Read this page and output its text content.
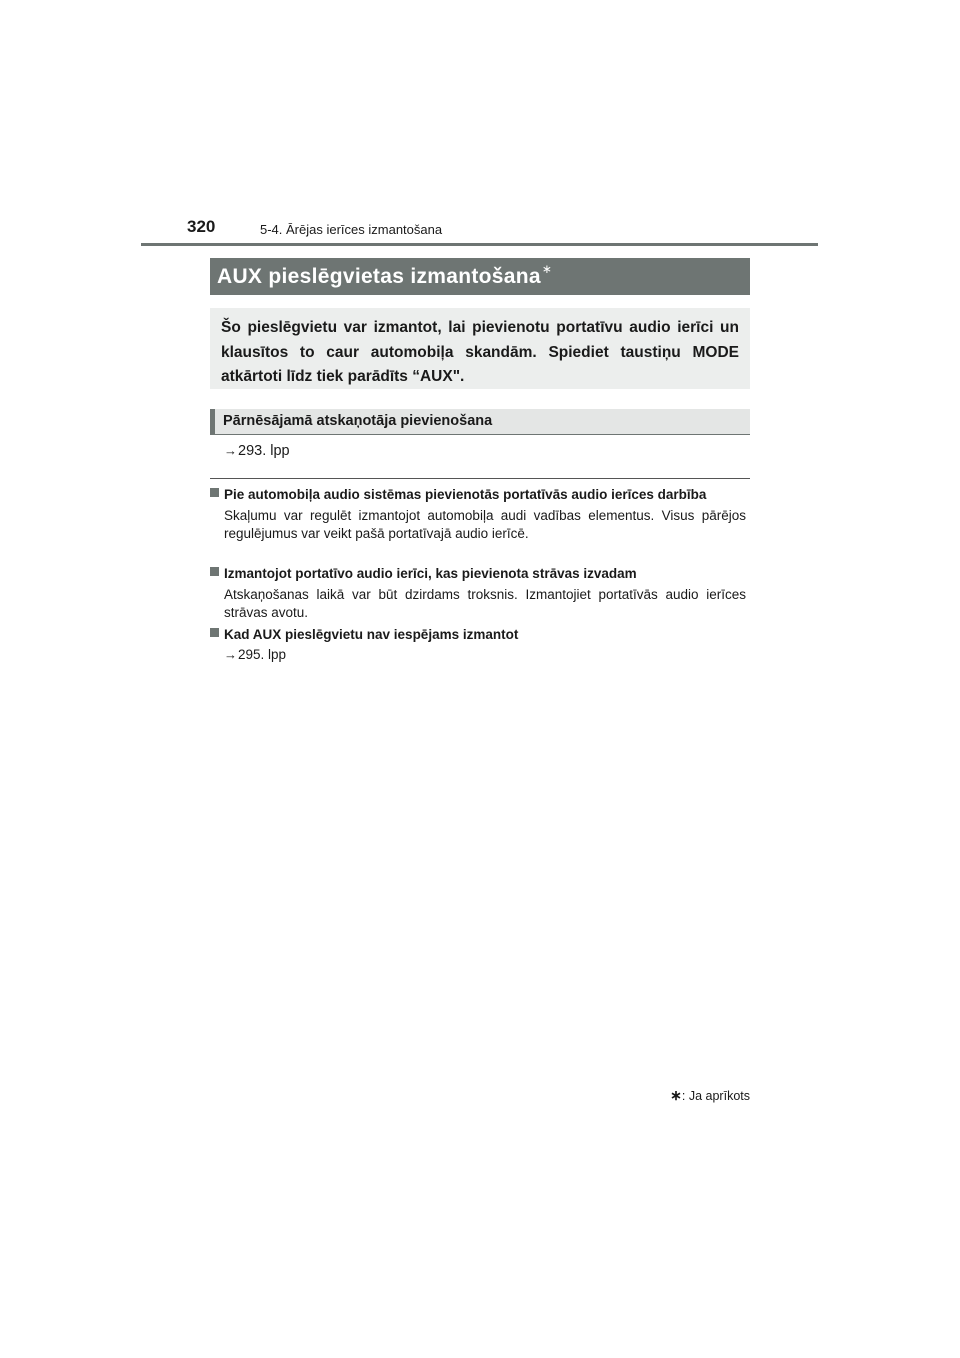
320	5-4. Ārējas ierīces izmantošana
AUX pieslēgvietas izmantošana ∗

Šo pieslēgvietu var izmantot, lai pievienotu portatīvu audio ierīci un klausītos to caur automobiļa skandām. Spiediet taustiņu MODE atkārtoti līdz tiek parādīts “AUX".

Pārnēsājamā atskaņotāja pievienošana
→293. lpp
Pie automobiļa audio sistēmas pievienotās portatīvās audio ierīces darbība
Skaļumu var regulēt izmantojot automobiļa audi vadības elementus. Visus pārējos regulējumus var veikt pašā portatīvajā audio ierīcē.
Izmantojot portatīvo audio ierīci, kas pievienota strāvas izvadam
Atskaņošanas laikā var būt dzirdams troksnis. Izmantojiet portatīvās audio ierīces strāvas avotu.
Kad AUX pieslēgvietu nav iespējams izmantot
→295. lpp
∗: Ja aprīkots
